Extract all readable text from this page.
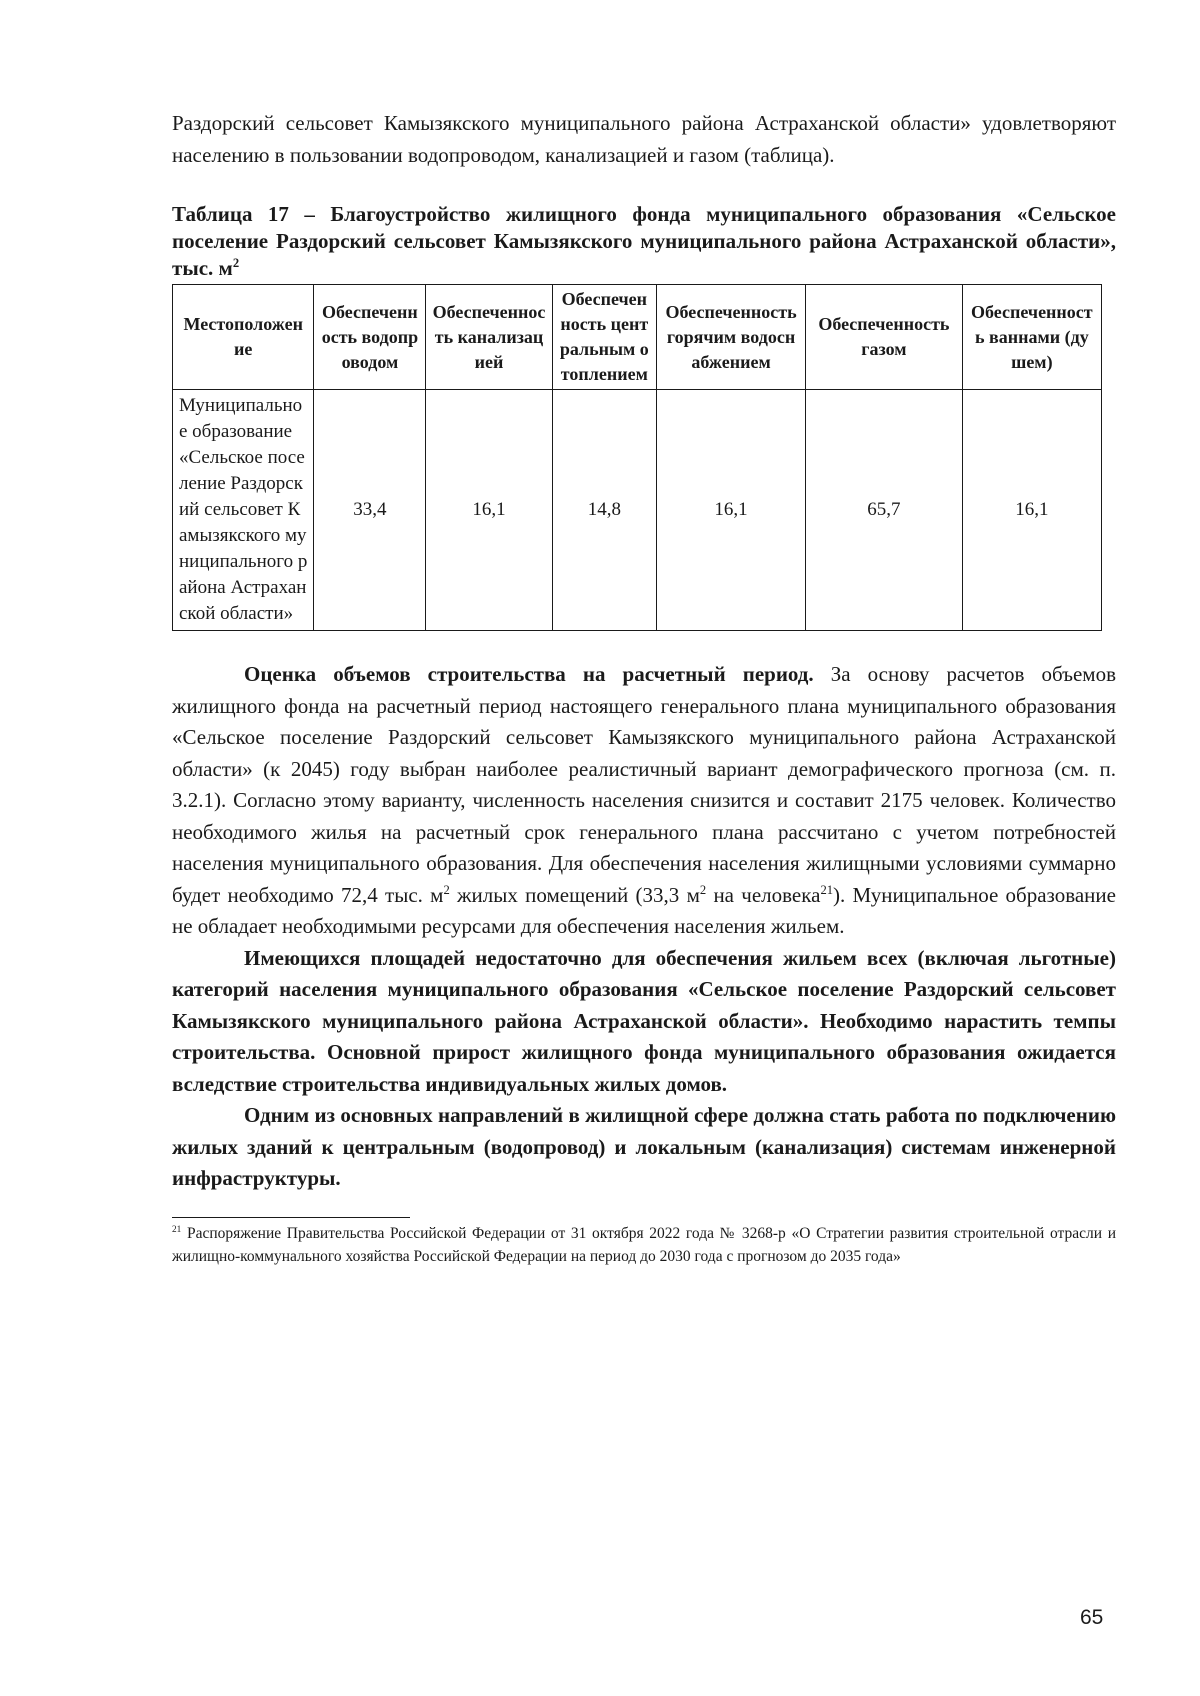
Раздорский сельсовет Камызякского муниципального района Астраханской области» удовлетворяют населению в пользовании водопроводом, канализацией и газом (таблица).

Таблица 17 – Благоустройство жилищного фонда муниципального образования «Сельское поселение Раздорский сельсовет Камызякского муниципального района Астраханской области», тыс. $м^2$
Местоположение	Обеспеченность водопроводом	Обеспеченность канализацией	Обеспеченность центральным отоплением	Обеспеченность горячим водоснабжением	Обеспеченность газом	Обеспеченность ваннами (душем)
Муниципальное образование «Сельское поселение Раздорский сельсовет Камызякского муниципального района Астраханской области»	33,4	16,1	14,8	16,1	65,7	16,1

Оценка объемов строительства на расчетный период. За основу расчетов объемов жилищного фонда на расчетный период настоящего генерального плана муниципального образования «Сельское поселение Раздорский сельсовет Камызякского муниципального района Астраханской области» (к 2045) году выбран наиболее реалистичный вариант демографического прогноза (см. п. 3.2.1). Согласно этому варианту, численность населения снизится и составит 2175 человек. Количество необходимого жилья на расчетный срок генерального плана рассчитано с учетом потребностей населения муниципального образования. Для обеспечения населения жилищными условиями суммарно будет необходимо 72,4 тыс. $м^2$ жилых помещений (33,3 $м^2$ на человека$^{21}$). Муниципальное образование не обладает необходимыми ресурсами для обеспечения населения жильем.

Имеющихся площадей недостаточно для обеспечения жильем всех (включая льготные) категорий населения муниципального образования «Сельское поселение Раздорский сельсовет Камызякского муниципального района Астраханской области». Необходимо нарастить темпы строительства. Основной прирост жилищного фонда муниципального образования ожидается вследствие строительства индивидуальных жилых домов.

Одним из основных направлений в жилищной сфере должна стать работа по подключению жилых зданий к центральным (водопровод) и локальным (канализация) системам инженерной инфраструктуры.

$^{21}$ Распоряжение Правительства Российской Федерации от 31 октября 2022 года № 3268-р «О Стратегии развития строительной отрасли и жилищно-коммунального хозяйства Российской Федерации на период до 2030 года с прогнозом до 2035 года»
65
